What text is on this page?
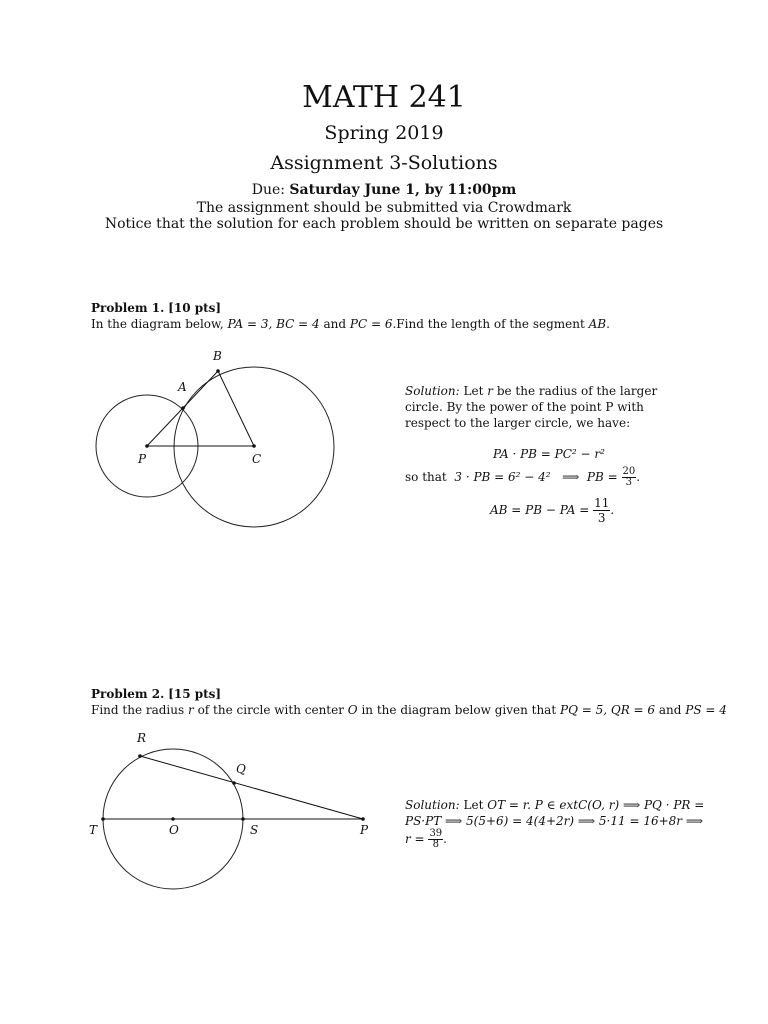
MATH 241
Spring 2019
Assignment 3-Solutions
Due: Saturday June 1, by 11:00pm
The assignment should be submitted via Crowdmark
Notice that the solution for each problem should be written on separate pages
Problem 1. [10 pts]
In the diagram below, PA = 3, BC = 4 and PC = 6.Find the length of the segment AB.
B
A
P	C
Solution: Let r be the radius of the larger circle. By the power of the point P with respect to the larger circle, we have:
PA · PB = PC² − r²
so that 3 · PB = 6² − 4² ⟹ PB = $\frac{20}{3}$ .
AB = PB − PA = $\frac{11}{3}$ .
Problem 2. [15 pts]
Find the radius r of the circle with center O in the diagram below given that PQ = 5, QR = 6 and PS = 4
R
Q
T	O	S	P
Solution: Let OT = r. P ∈ extC(O, r) ⟹ PQ · PR =
PS·PT ⟹ 5(5+6) = 4(4+2r) ⟹ 5·11 = 16+8r ⟹
$r = \frac{39}{8}$ .
